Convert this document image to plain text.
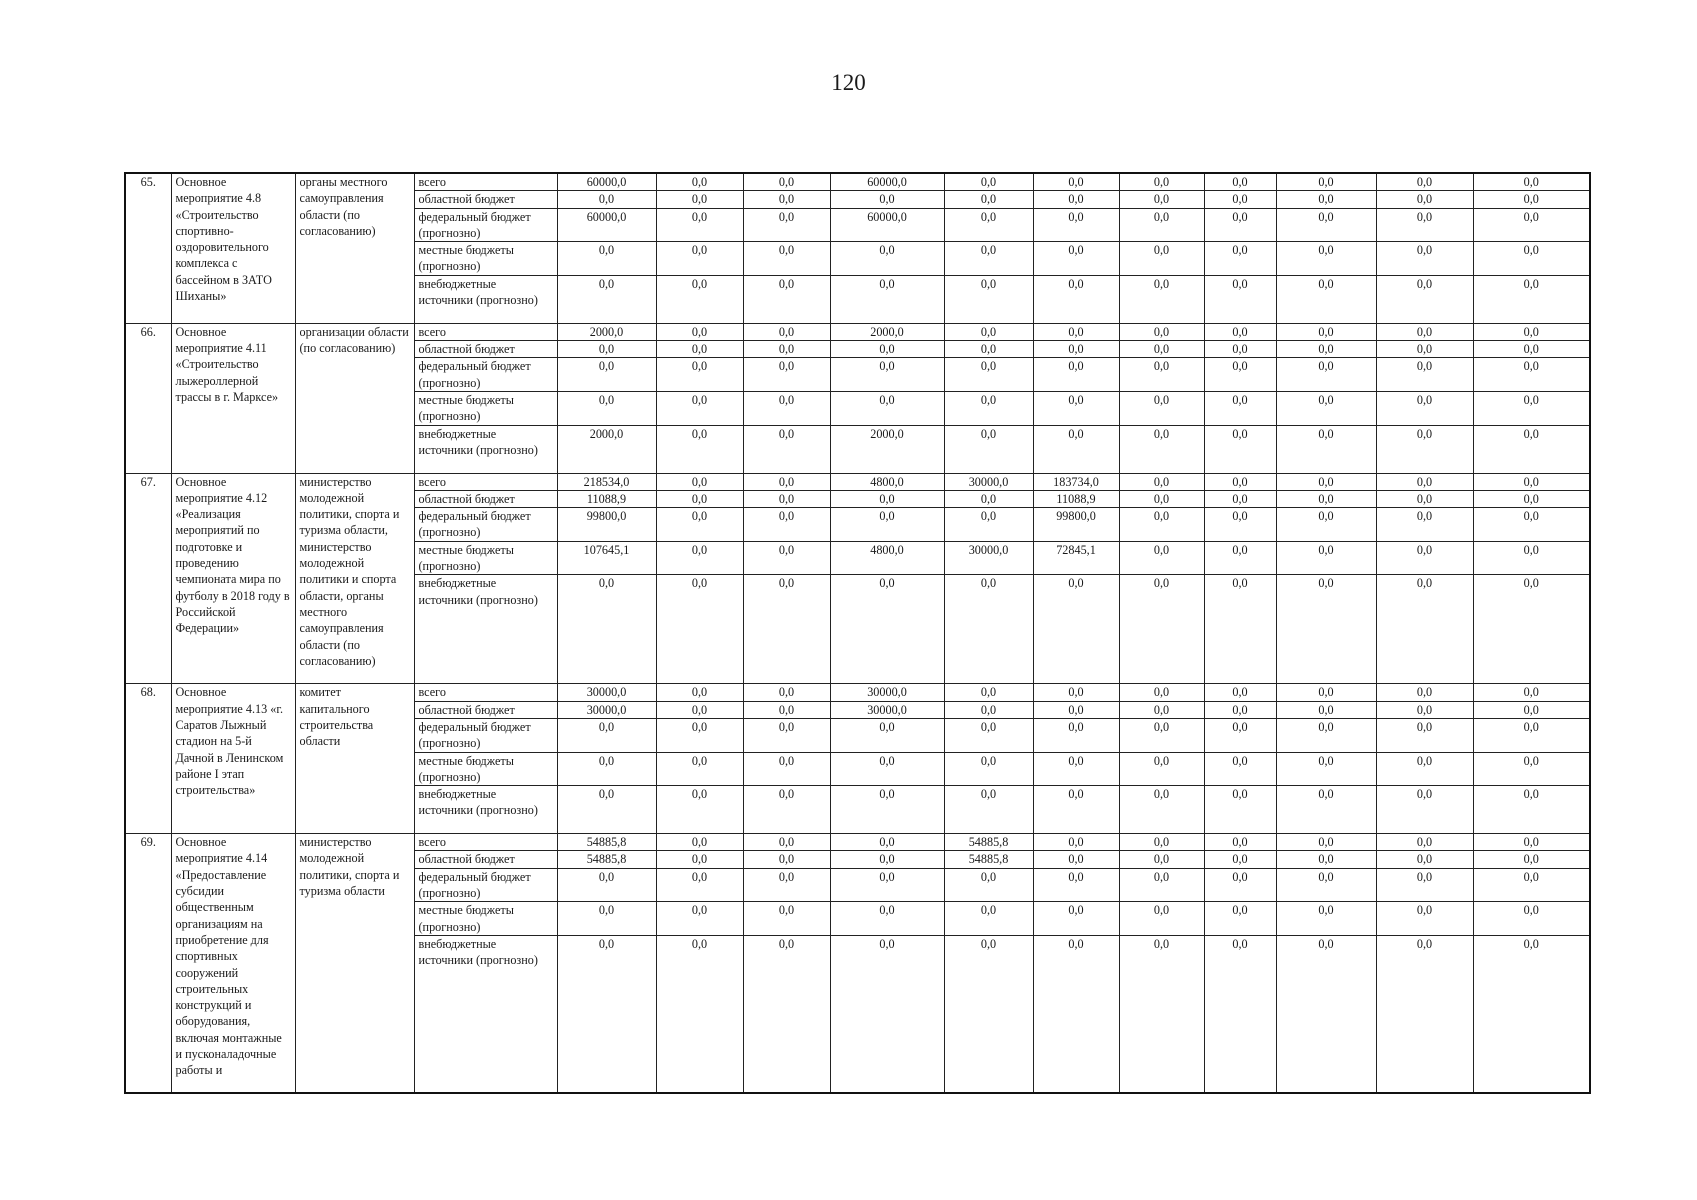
120
65.	Основное мероприятие 4.8 «Строительство спортивно-оздоровительного комплекса с бассейном в ЗАТО Шиханы»	органы местного самоуправления области (по согласованию)	всего	60000,0	0,0	0,0	60000,0	0,0	0,0	0,0	0,0	0,0	0,0	0,0
			областной бюджет	0,0	0,0	0,0	0,0	0,0	0,0	0,0	0,0	0,0	0,0	0,0
			федеральный бюджет (прогнозно)	60000,0	0,0	0,0	60000,0	0,0	0,0	0,0	0,0	0,0	0,0	0,0
			местные бюджеты (прогнозно)	0,0	0,0	0,0	0,0	0,0	0,0	0,0	0,0	0,0	0,0	0,0
			внебюджетные источники (прогнозно)	0,0	0,0	0,0	0,0	0,0	0,0	0,0	0,0	0,0	0,0	0,0
66.	Основное мероприятие 4.11 «Строительство лыжероллерной трассы в г. Марксе»	организации области (по согласованию)	всего	2000,0	0,0	0,0	2000,0	0,0	0,0	0,0	0,0	0,0	0,0	0,0
			областной бюджет	0,0	0,0	0,0	0,0	0,0	0,0	0,0	0,0	0,0	0,0	0,0
			федеральный бюджет (прогнозно)	0,0	0,0	0,0	0,0	0,0	0,0	0,0	0,0	0,0	0,0	0,0
			местные бюджеты (прогнозно)	0,0	0,0	0,0	0,0	0,0	0,0	0,0	0,0	0,0	0,0	0,0
			внебюджетные источники (прогнозно)	2000,0	0,0	0,0	2000,0	0,0	0,0	0,0	0,0	0,0	0,0	0,0
67.	Основное мероприятие 4.12 «Реализация мероприятий по подготовке и проведению чемпионата мира по футболу в 2018 году в Российской Федерации»	министерство молодежной политики, спорта и туризма области, министерство молодежной политики и спорта области, органы местного самоуправления области (по согласованию)	всего	218534,0	0,0	0,0	4800,0	30000,0	183734,0	0,0	0,0	0,0	0,0	0,0
			областной бюджет	11088,9	0,0	0,0	0,0	0,0	11088,9	0,0	0,0	0,0	0,0	0,0
			федеральный бюджет (прогнозно)	99800,0	0,0	0,0	0,0	0,0	99800,0	0,0	0,0	0,0	0,0	0,0
			местные бюджеты (прогнозно)	107645,1	0,0	0,0	4800,0	30000,0	72845,1	0,0	0,0	0,0	0,0	0,0
			внебюджетные источники (прогнозно)	0,0	0,0	0,0	0,0	0,0	0,0	0,0	0,0	0,0	0,0	0,0
68.	Основное мероприятие 4.13 «г. Саратов Лыжный стадион на 5-й Дачной в Ленинском районе I этап строительства»	комитет капитального строительства области	всего	30000,0	0,0	0,0	30000,0	0,0	0,0	0,0	0,0	0,0	0,0	0,0
			областной бюджет	30000,0	0,0	0,0	30000,0	0,0	0,0	0,0	0,0	0,0	0,0	0,0
			федеральный бюджет (прогнозно)	0,0	0,0	0,0	0,0	0,0	0,0	0,0	0,0	0,0	0,0	0,0
			местные бюджеты (прогнозно)	0,0	0,0	0,0	0,0	0,0	0,0	0,0	0,0	0,0	0,0	0,0
			внебюджетные источники (прогнозно)	0,0	0,0	0,0	0,0	0,0	0,0	0,0	0,0	0,0	0,0	0,0
69.	Основное мероприятие 4.14 «Предоставление субсидии общественным организациям на приобретение для спортивных сооружений строительных конструкций и оборудования, включая монтажные и пусконаладочные работы и	министерство молодежной политики, спорта и туризма области	всего	54885,8	0,0	0,0	0,0	54885,8	0,0	0,0	0,0	0,0	0,0	0,0
			областной бюджет	54885,8	0,0	0,0	0,0	54885,8	0,0	0,0	0,0	0,0	0,0	0,0
			федеральный бюджет (прогнозно)	0,0	0,0	0,0	0,0	0,0	0,0	0,0	0,0	0,0	0,0	0,0
			местные бюджеты (прогнозно)	0,0	0,0	0,0	0,0	0,0	0,0	0,0	0,0	0,0	0,0	0,0
			внебюджетные источники (прогнозно)	0,0	0,0	0,0	0,0	0,0	0,0	0,0	0,0	0,0	0,0	0,0
